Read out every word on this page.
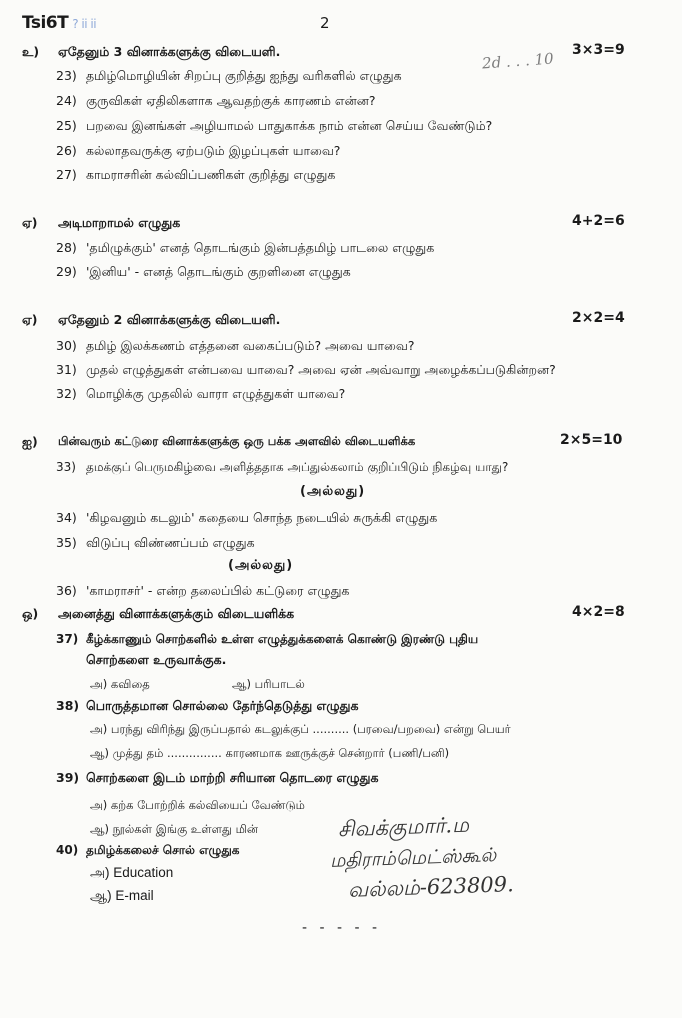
Tsi6T ? ii ii	2
2d . . . 10
உ) ஏதேனும் 3 வினாக்களுக்கு விடையளி.	3×3=9
23) தமிழ்மொழியின் சிறப்பு குறித்து ஐந்து வரிகளில் எழுதுக
24) குருவிகள் ஏதிலிகளாக ஆவதற்குக் காரணம் என்ன?
25) பறவை இனங்கள் அழியாமல் பாதுகாக்க நாம் என்ன செய்ய வேண்டும்?
26) கல்லாதவருக்கு ஏற்படும் இழப்புகள் யாவை?
27) காமராசரின் கல்விப்பணிகள் குறித்து எழுதுக
ஏ) அடிமாறாமல் எழுதுக	4+2=6
28) 'தமிழுக்கும்' எனத் தொடங்கும் இன்பத்தமிழ் பாடலை எழுதுக
29) 'இனிய' - எனத் தொடங்கும் குறளினை எழுதுக
ஏ) ஏதேனும் 2 வினாக்களுக்கு விடையளி.	2×2=4
30) தமிழ் இலக்கணம் எத்தனை வகைப்படும்? அவை யாவை?
31) முதல் எழுத்துகள் என்பவை யாவை? அவை ஏன் அவ்வாறு அழைக்கப்படுகின்றன?
32) மொழிக்கு முதலில் வாரா எழுத்துகள் யாவை?
ஐ) பின்வரும் கட்டுரை வினாக்களுக்கு ஒரு பக்க அளவில் விடையளிக்க	2×5=10
33) தமக்குப் பெருமகிழ்வை அளித்ததாக அப்துல்கலாம் குறிப்பிடும் நிகழ்வு யாது?
(அல்லது)
34) 'கிழவனும் கடலும்' கதையை சொந்த நடையில் சுருக்கி எழுதுக
35) விடுப்பு விண்ணப்பம் எழுதுக
(அல்லது)
36) 'காமராசர்' - என்ற தலைப்பில் கட்டுரை எழுதுக
ஒ) அனைத்து வினாக்களுக்கும் விடையளிக்க	4×2=8
37) கீழ்க்காணும் சொற்களில் உள்ள எழுத்துக்களைக் கொண்டு இரண்டு புதிய
சொற்களை உருவாக்குக.
அ) கவிதை	ஆ) பரிபாடல்
38) பொருத்தமான சொல்லை தேர்ந்தெடுத்து எழுதுக
அ) பரந்து விரிந்து இருப்பதால் கடலுக்குப் .......... (பரவை/பறவை) என்று பெயர்
ஆ) முத்து தம் ............... காரணமாக ஊருக்குச் சென்றார் (பணி/பனி)
39) சொற்களை இடம் மாற்றி சரியான தொடரை எழுதுக
அ) கற்க போற்றிக் கல்வியைப் வேண்டும்
ஆ) நூல்கள் இங்கு உள்ளது மின்
40) தமிழ்க்கலைச் சொல் எழுதுக
அ) Education
ஆ) E-mail
சிவக்குமார்.ம
மதிராம்மெட்ஸ்கூல்
வல்லம்-623809.
- - - - -
